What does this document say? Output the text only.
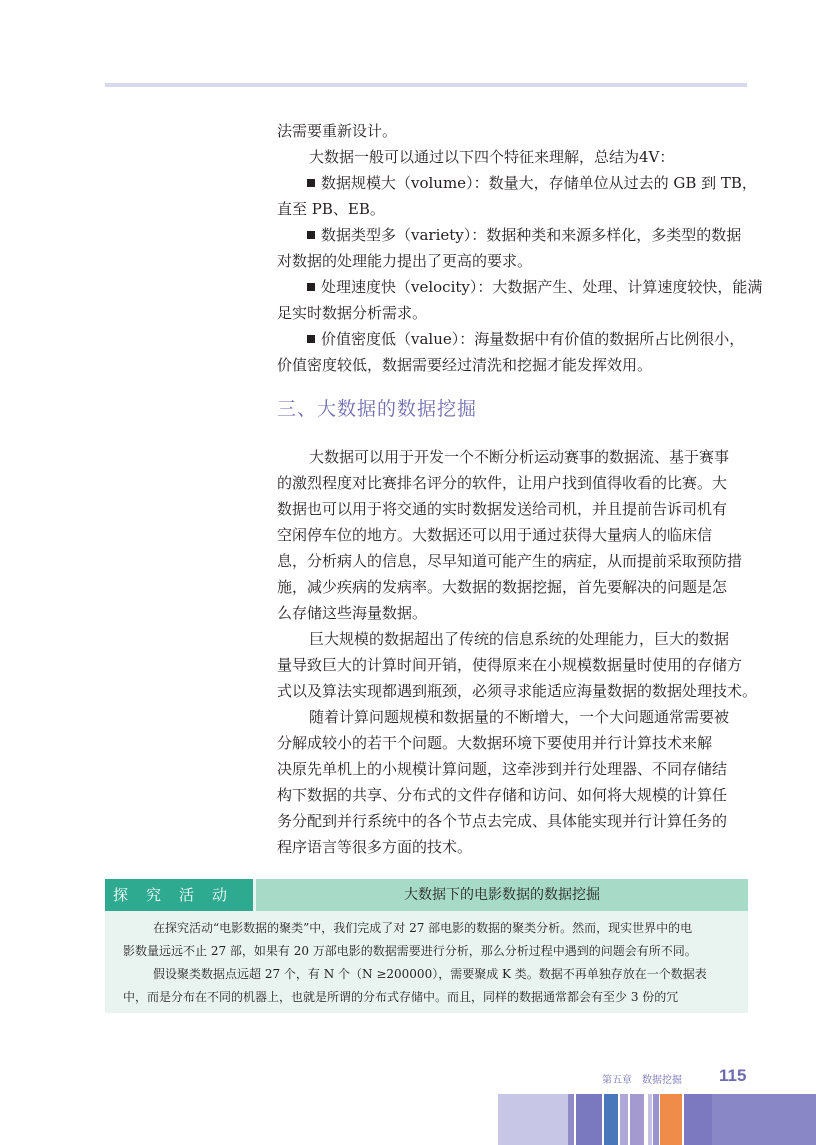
法需要重新设计。
大数据一般可以通过以下四个特征来理解，总结为4V：
数据规模大（volume）：数量大，存储单位从过去的 GB 到 TB，
直至 PB、EB。
数据类型多（variety）：数据种类和来源多样化，多类型的数据
对数据的处理能力提出了更高的要求。
处理速度快（velocity）：大数据产生、处理、计算速度较快，能满
足实时数据分析需求。
价值密度低（value）：海量数据中有价值的数据所占比例很小，
价值密度较低，数据需要经过清洗和挖掘才能发挥效用。
三、大数据的数据挖掘
大数据可以用于开发一个不断分析运动赛事的数据流、基于赛事
的激烈程度对比赛排名评分的软件，让用户找到值得收看的比赛。大
数据也可以用于将交通的实时数据发送给司机，并且提前告诉司机有
空闲停车位的地方。大数据还可以用于通过获得大量病人的临床信
息，分析病人的信息，尽早知道可能产生的病症，从而提前采取预防措
施，减少疾病的发病率。大数据的数据挖掘，首先要解决的问题是怎
么存储这些海量数据。
巨大规模的数据超出了传统的信息系统的处理能力，巨大的数据
量导致巨大的计算时间开销，使得原来在小规模数据量时使用的存储方
式以及算法实现都遇到瓶颈，必须寻求能适应海量数据的数据处理技术。
随着计算问题规模和数据量的不断增大，一个大问题通常需要被
分解成较小的若干个问题。大数据环境下要使用并行计算技术来解
决原先单机上的小规模计算问题，这牵涉到并行处理器、不同存储结
构下数据的共享、分布式的文件存储和访问、如何将大规模的计算任
务分配到并行系统中的各个节点去完成、具体能实现并行计算任务的
程序语言等很多方面的技术。
探究活动	大数据下的电影数据的数据挖掘
在探究活动“电影数据的聚类”中，我们完成了对 27 部电影的数据的聚类分析。然而，现实世界中的电
影数量远远不止 27 部，如果有 20 万部电影的数据需要进行分析，那么分析过程中遇到的问题会有所不同。
假设聚类数据点远超 27 个，有 N 个（N ≥200000），需要聚成 K 类。数据不再单独存放在一个数据表
中，而是分布在不同的机器上，也就是所谓的分布式存储中。而且，同样的数据通常都会有至少 3 份的冗
第五章　数据挖掘 115
